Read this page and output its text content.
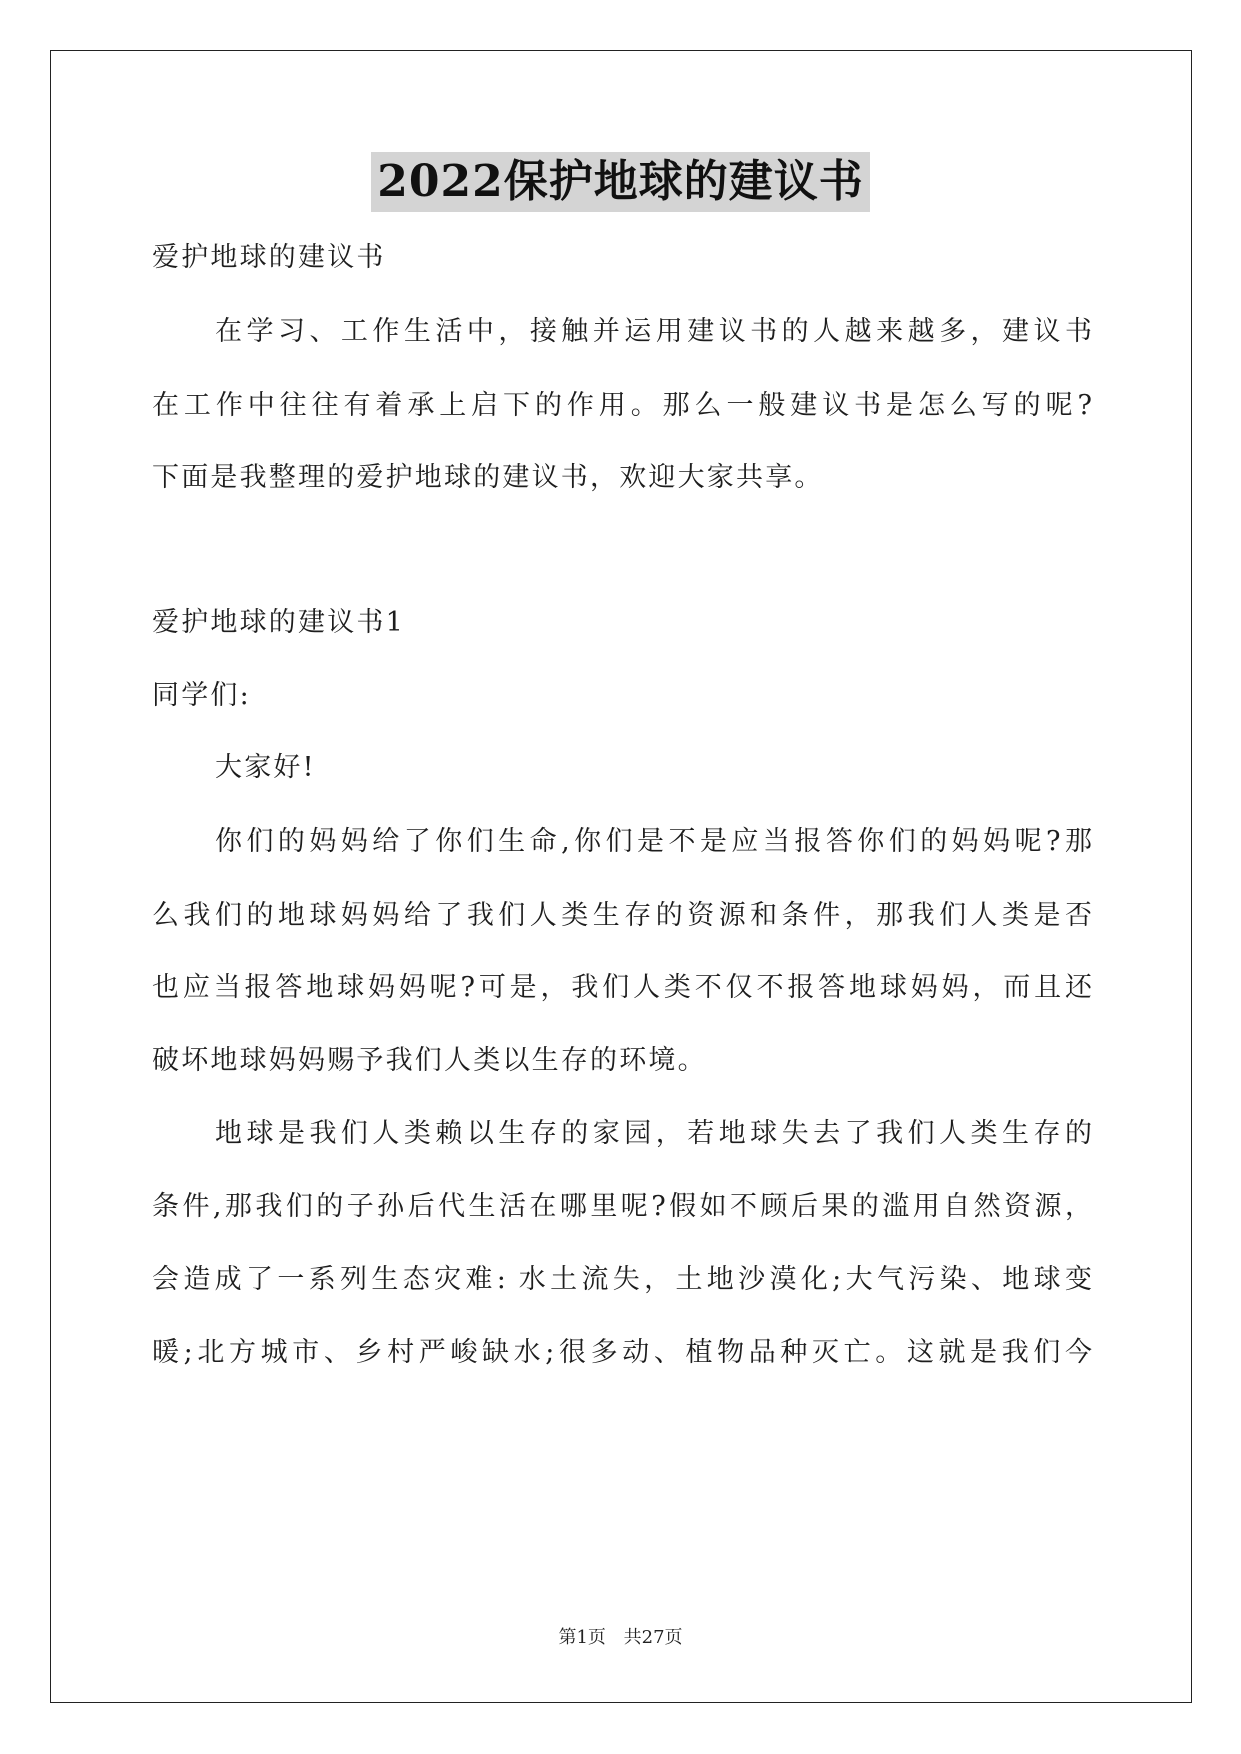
2022保护地球的建议书
爱护地球的建议书
在学习、工作生活中，接触并运用建议书的人越来越多，建议书
在工作中往往有着承上启下的作用。那么一般建议书是怎么写的呢?
下面是我整理的爱护地球的建议书，欢迎大家共享。
爱护地球的建议书1
同学们:
大家好!
你们的妈妈给了你们生命,你们是不是应当报答你们的妈妈呢?那
么我们的地球妈妈给了我们人类生存的资源和条件，那我们人类是否
也应当报答地球妈妈呢?可是，我们人类不仅不报答地球妈妈，而且还
破坏地球妈妈赐予我们人类以生存的环境。
地球是我们人类赖以生存的家园，若地球失去了我们人类生存的
条件,那我们的子孙后代生活在哪里呢?假如不顾后果的滥用自然资源，
会造成了一系列生态灾难: 水土流失，土地沙漠化;大气污染、地球变
暖;北方城市、乡村严峻缺水;很多动、植物品种灭亡。这就是我们今
第1页 共27页
